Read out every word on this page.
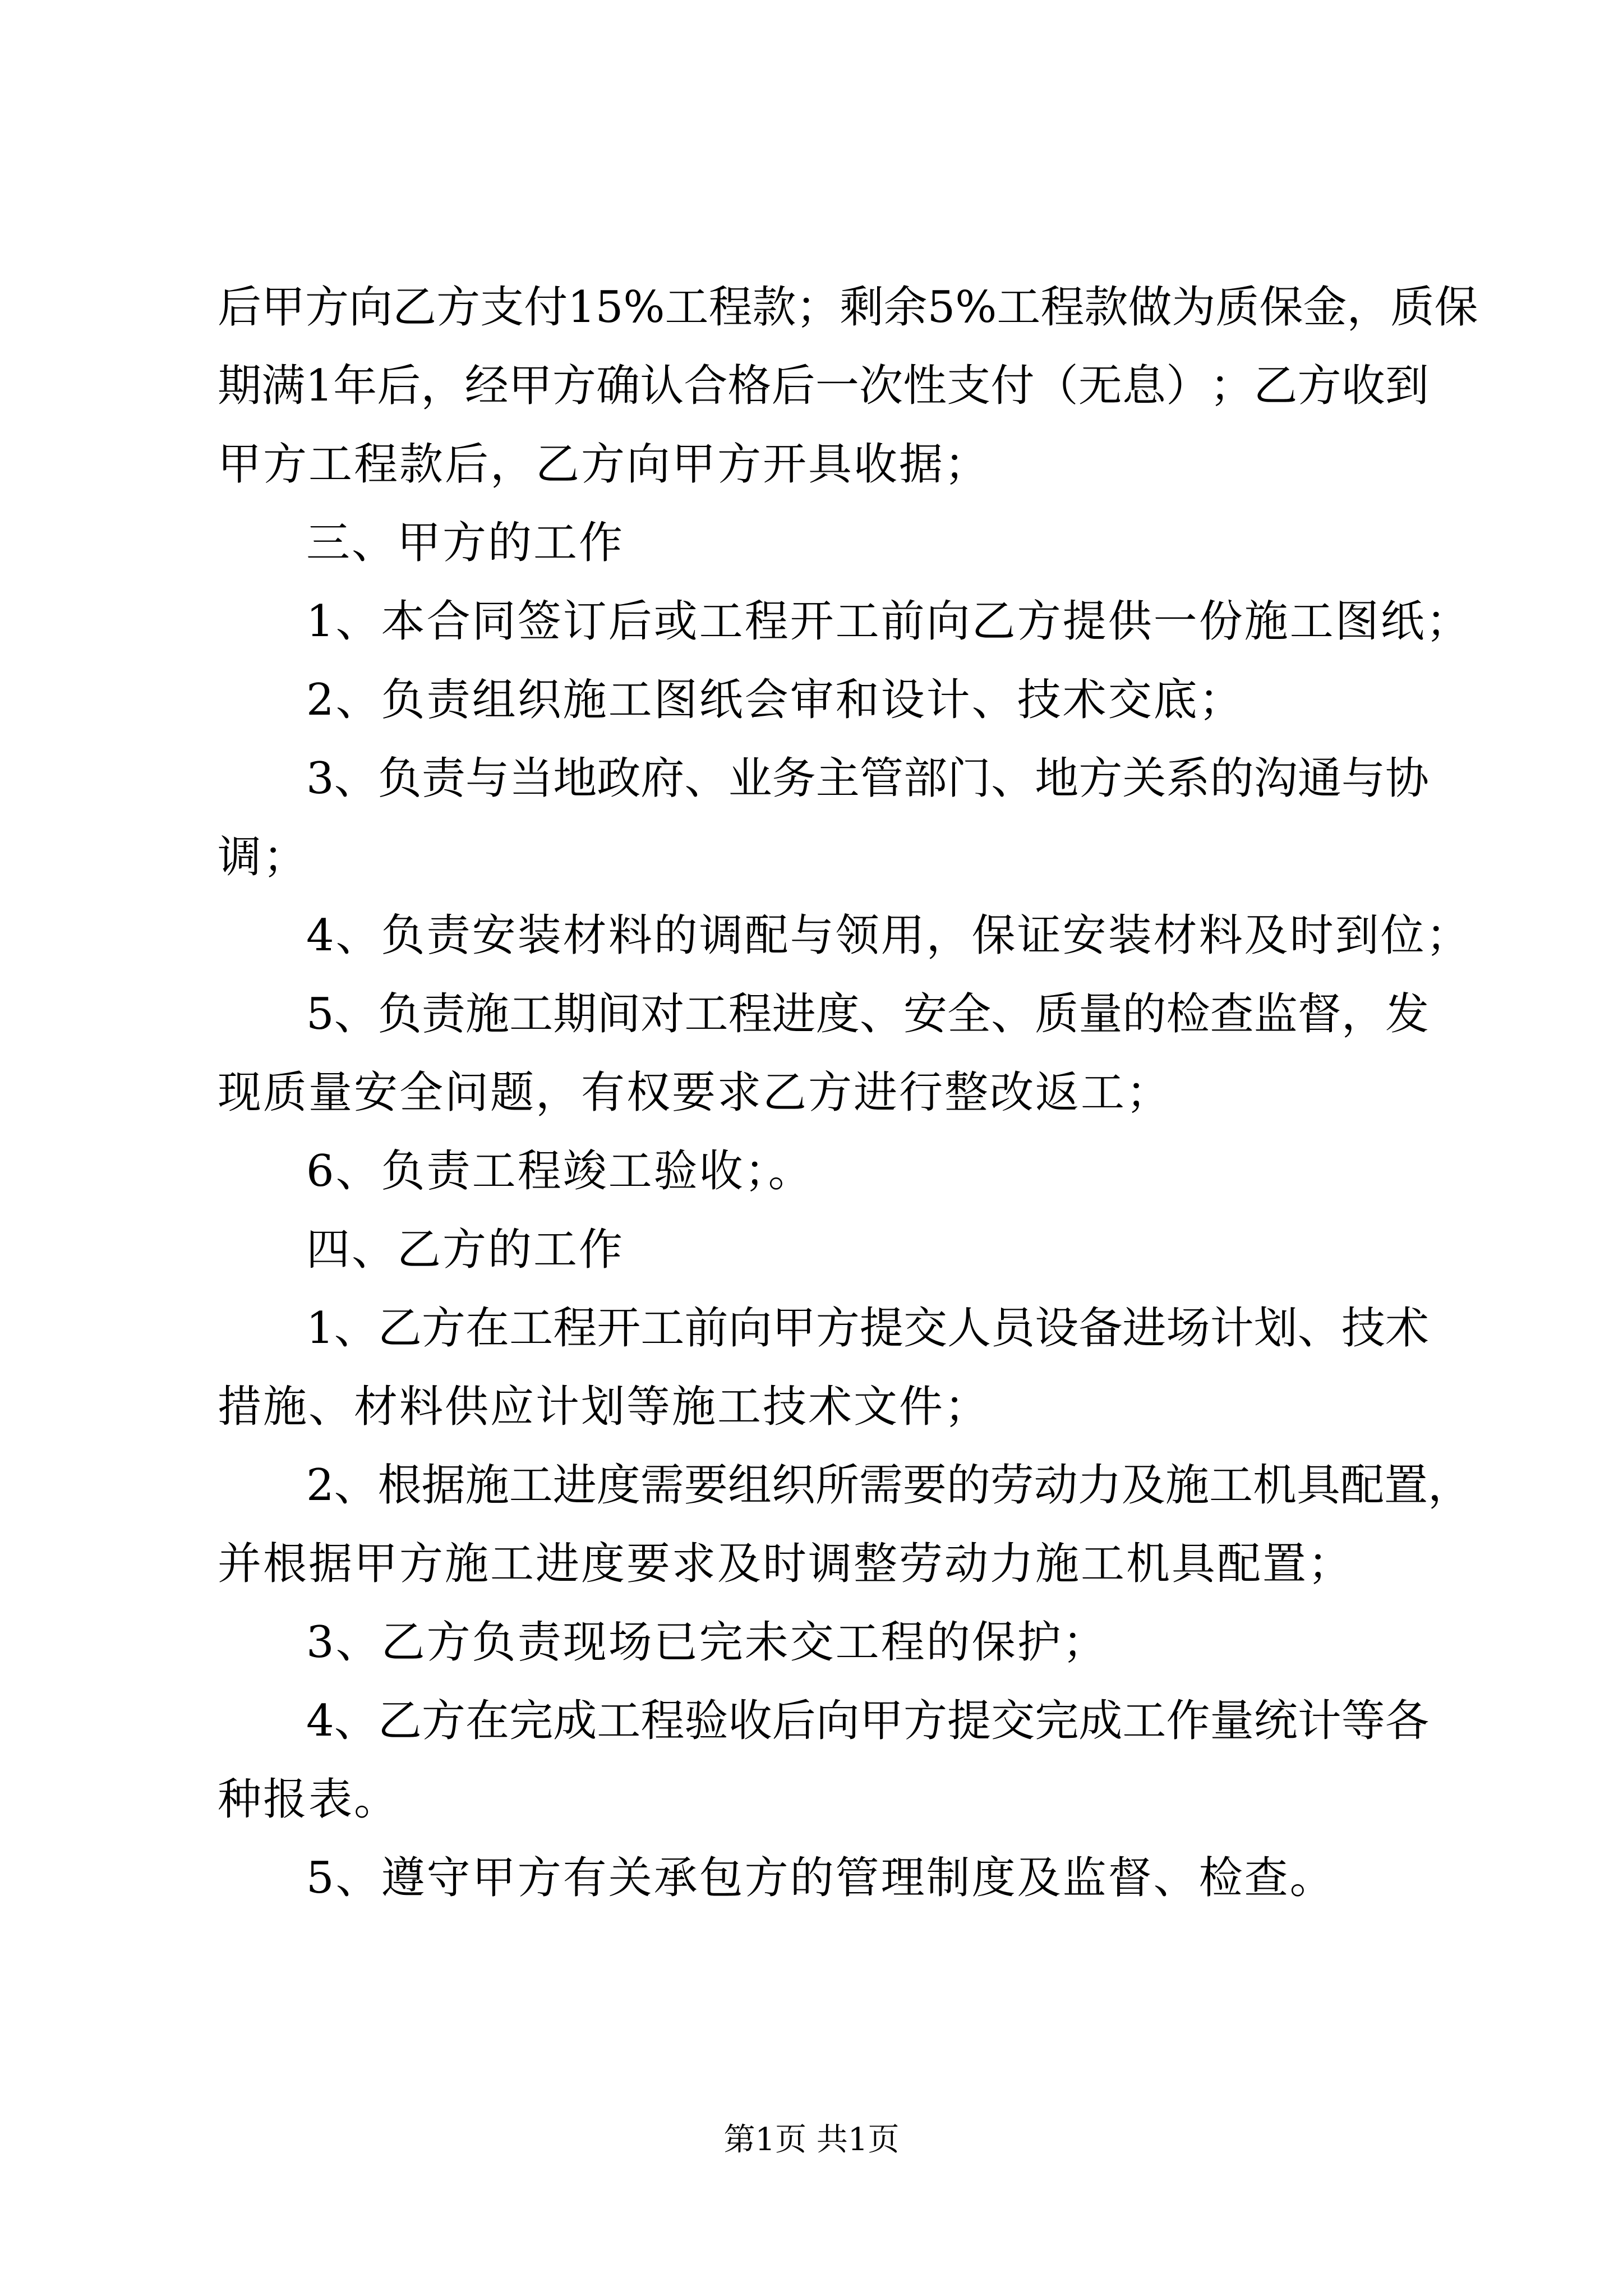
后 甲 方 向 乙 方 支 付 15% 工 程 款 ； 剩 余 5% 工 程 款 做 为 质 保 金 ， 质 保
期 满 1 年 后 ， 经 甲 方 确 认 合 格 后 一 次 性 支 付 （ 无 息 ） ； 乙 方 收 到
甲方工程款后，乙方向甲方开具收据；
三、甲方的工作
1、本合同签订后或工程开工前向乙方提供一份施工图纸；
2、负责组织施工图纸会审和设计、技术交底；
3 、 负 责 与 当 地 政 府 、 业 务 主 管 部 门 、 地 方 关 系 的 沟 通 与 协
调；
4、负责安装材料的调配与领用，保证安装材料及时到位；
5 、 负 责 施 工 期 间 对 工 程 进 度 、 安 全 、 质 量 的 检 查 监 督 ， 发
现质量安全问题，有权要求乙方进行整改返工；
6、负责工程竣工验收；。
四、乙方的工作
1 、 乙 方 在 工 程 开 工 前 向 甲 方 提 交 人 员 设 备 进 场 计 划 、 技 术
措施、材料供应计划等施工技术文件；
2 、 根 据 施 工 进 度 需 要 组 织 所 需 要 的 劳 动 力 及 施 工 机 具 配 置 ，
并根据甲方施工进度要求及时调整劳动力施工机具配置；
3、乙方负责现场已完未交工程的保护；
4 、 乙 方 在 完 成 工 程 验 收 后 向 甲 方 提 交 完 成 工 作 量 统 计 等 各
种报表。
5、遵守甲方有关承包方的管理制度及监督、检查。
第1页 共1页
